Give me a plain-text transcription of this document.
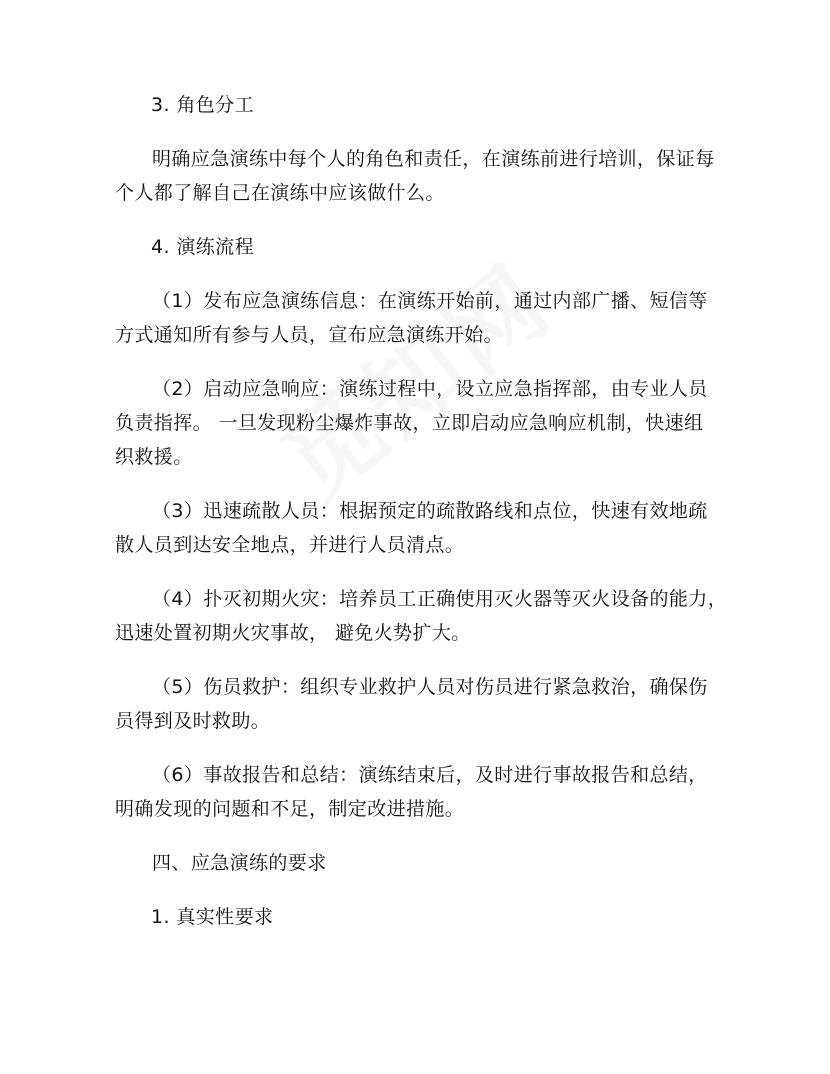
3. 角色分工
明确应急演练中每个人的角色和责任，在演练前进行培训，保证每
个人都了解自己在演练中应该做什么。
4. 演练流程
（1）发布应急演练信息：在演练开始前，通过内部广播、短信等
方式通知所有参与人员，宣布应急演练开始。
（2）启动应急响应：演练过程中，设立应急指挥部，由专业人员
负责指挥。 一旦发现粉尘爆炸事故，立即启动应急响应机制，快速组
织救援。
（3）迅速疏散人员：根据预定的疏散路线和点位，快速有效地疏
散人员到达安全地点，并进行人员清点。
（4）扑灭初期火灾：培养员工正确使用灭火器等灭火设备的能力，
迅速处置初期火灾事故， 避免火势扩大。
（5）伤员救护：组织专业救护人员对伤员进行紧急救治，确保伤
员得到及时救助。
（6）事故报告和总结：演练结束后，及时进行事故报告和总结，
明确发现的问题和不足，制定改进措施。
四、应急演练的要求
1. 真实性要求
